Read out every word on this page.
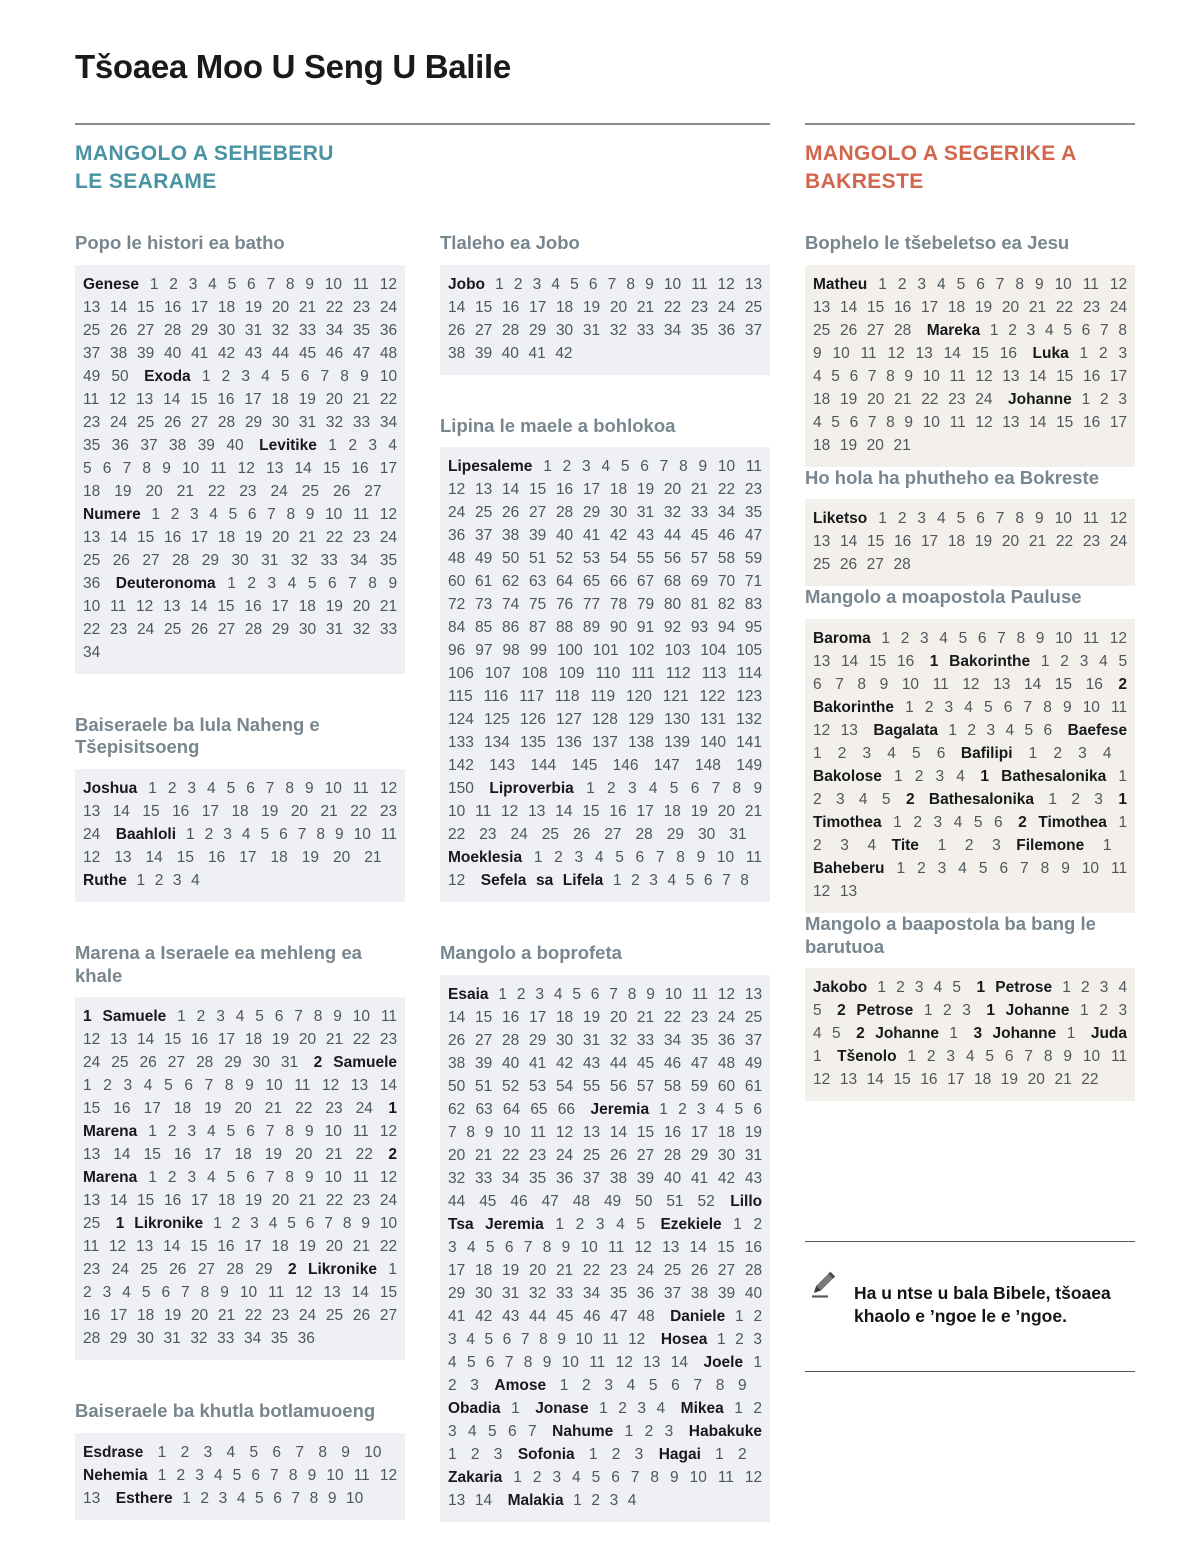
Tšoaea Moo U Seng U Balile
MANGOLO A SEHEBERU
LE SEARAME
MANGOLO A SEGERIKE A
BAKRESTE
Popo le histori ea batho

Genese 1 2 3 4 5 6 7 8 9 10 11 12 13 14 15 16 17 18 19 20 21 22 23 24 25 26 27 28 29 30 31 32 33 34 35 36 37 38 39 40 41 42 43 44 45 46 47 48 49 50   Exoda 1 2 3 4 5 6 7 8 9 10 11 12 13 14 15 16 17 18 19 20 21 22 23 24 25 26 27 28 29 30 31 32 33 34 35 36 37 38 39 40   Levitike 1 2 3 4 5 6 7 8 9 10 11 12 13 14 15 16 17 18 19 20 21 22 23 24 25 26 27  Numere 1 2 3 4 5 6 7 8 9 10 11 12 13 14 15 16 17 18 19 20 21 22 23 24 25 26 27 28 29 30 31 32 33 34 35 36   Deuteronoma 1 2 3 4 5 6 7 8 9 10 11 12 13 14 15 16 17 18 19 20 21 22 23 24 25 26 27 28 29 30 31 32 33 34

Baiseraele ba lula Naheng e Tšepisitsoeng

Joshua 1 2 3 4 5 6 7 8 9 10 11 12 13 14 15 16 17 18 19 20 21 22 23 24   Baahloli 1 2 3 4 5 6 7 8 9 10 11 12 13 14 15 16 17 18 19 20 21  Ruthe 1 2 3 4

Marena a Iseraele ea mehleng ea khale

1 Samuele 1 2 3 4 5 6 7 8 9 10 11 12 13 14 15 16 17 18 19 20 21 22 23 24 25 26 27 28 29 30 31   2 Samuele 1 2 3 4 5 6 7 8 9 10 11 12 13 14 15 16 17 18 19 20 21 22 23 24   1 Marena 1 2 3 4 5 6 7 8 9 10 11 12 13 14 15 16 17 18 19 20 21 22   2 Marena 1 2 3 4 5 6 7 8 9 10 11 12 13 14 15 16 17 18 19 20 21 22 23 24 25   1 Likronike 1 2 3 4 5 6 7 8 9 10 11 12 13 14 15 16 17 18 19 20 21 22 23 24 25 26 27 28 29   2 Likronike 1 2 3 4 5 6 7 8 9 10 11 12 13 14 15 16 17 18 19 20 21 22 23 24 25 26 27 28 29 30 31 32 33 34 35 36

Baiseraele ba khutla botlamuoeng

Esdrase 1 2 3 4 5 6 7 8 9 10  Nehemia 1 2 3 4 5 6 7 8 9 10 11 12 13   Esthere 1 2 3 4 5 6 7 8 9 10

Tlaleho ea Jobo

Jobo 1 2 3 4 5 6 7 8 9 10 11 12 13 14 15 16 17 18 19 20 21 22 23 24 25 26 27 28 29 30 31 32 33 34 35 36 37 38 39 40 41 42

Lipina le maele a bohlokoa

Lipesaleme 1 2 3 4 5 6 7 8 9 10 11 12 13 14 15 16 17 18 19 20 21 22 23 24 25 26 27 28 29 30 31 32 33 34 35 36 37 38 39 40 41 42 43 44 45 46 47 48 49 50 51 52 53 54 55 56 57 58 59 60 61 62 63 64 65 66 67 68 69 70 71 72 73 74 75 76 77 78 79 80 81 82 83 84 85 86 87 88 89 90 91 92 93 94 95 96 97 98 99 100 101 102 103 104 105 106 107 108 109 110 111 112 113 114 115 116 117 118 119 120 121 122 123 124 125 126 127 128 129 130 131 132 133 134 135 136 137 138 139 140 141 142 143 144 145 146 147 148 149 150   Liproverbia 1 2 3 4 5 6 7 8 9 10 11 12 13 14 15 16 17 18 19 20 21 22 23 24 25 26 27 28 29 30 31  Moeklesia 1 2 3 4 5 6 7 8 9 10 11 12   Sefela sa Lifela 1 2 3 4 5 6 7 8

Mangolo a boprofeta

Esaia 1 2 3 4 5 6 7 8 9 10 11 12 13 14 15 16 17 18 19 20 21 22 23 24 25 26 27 28 29 30 31 32 33 34 35 36 37 38 39 40 41 42 43 44 45 46 47 48 49 50 51 52 53 54 55 56 57 58 59 60 61 62 63 64 65 66   Jeremia 1 2 3 4 5 6 7 8 9 10 11 12 13 14 15 16 17 18 19 20 21 22 23 24 25 26 27 28 29 30 31 32 33 34 35 36 37 38 39 40 41 42 43 44 45 46 47 48 49 50 51 52   Lillo Tsa Jeremia 1 2 3 4 5   Ezekiele 1 2 3 4 5 6 7 8 9 10 11 12 13 14 15 16 17 18 19 20 21 22 23 24 25 26 27 28 29 30 31 32 33 34 35 36 37 38 39 40 41 42 43 44 45 46 47 48   Daniele 1 2 3 4 5 6 7 8 9 10 11 12   Hosea 1 2 3 4 5 6 7 8 9 10 11 12 13 14   Joele 1 2 3   Amose 1 2 3 4 5 6 7 8 9  Obadia 1   Jonase 1 2 3 4   Mikea 1 2 3 4 5 6 7   Nahume 1 2 3   Habakuke 1 2 3   Sofonia 1 2 3   Hagai 1 2  Zakaria 1 2 3 4 5 6 7 8 9 10 11 12 13 14   Malakia 1 2 3 4

Bophelo le tšebeletso ea Jesu

Matheu 1 2 3 4 5 6 7 8 9 10 11 12 13 14 15 16 17 18 19 20 21 22 23 24 25 26 27 28   Mareka 1 2 3 4 5 6 7 8 9 10 11 12 13 14 15 16   Luka 1 2 3 4 5 6 7 8 9 10 11 12 13 14 15 16 17 18 19 20 21 22 23 24   Johanne 1 2 3 4 5 6 7 8 9 10 11 12 13 14 15 16 17 18 19 20 21

Ho hola ha phutheho ea Bokreste

Liketso 1 2 3 4 5 6 7 8 9 10 11 12 13 14 15 16 17 18 19 20 21 22 23 24 25 26 27 28

Mangolo a moapostola Pauluse

Baroma 1 2 3 4 5 6 7 8 9 10 11 12 13 14 15 16   1 Bakorinthe 1 2 3 4 5 6 7 8 9 10 11 12 13 14 15 16   2 Bakorinthe 1 2 3 4 5 6 7 8 9 10 11 12 13   Bagalata 1 2 3 4 5 6   Baefese 1 2 3 4 5 6   Bafilipi 1 2 3 4  Bakolose 1 2 3 4   1 Bathesalonika 1 2 3 4 5   2 Bathesalonika 1 2 3   1 Timothea 1 2 3 4 5 6   2 Timothea 1 2 3 4   Tite 1 2 3   Filemone 1  Baheberu 1 2 3 4 5 6 7 8 9 10 11 12 13

Mangolo a baapostola ba bang le barutuoa

Jakobo 1 2 3 4 5   1 Petrose 1 2 3 4 5   2 Petrose 1 2 3   1 Johanne 1 2 3 4 5   2 Johanne 1   3 Johanne 1   Juda 1   Tšenolo 1 2 3 4 5 6 7 8 9 10 11 12 13 14 15 16 17 18 19 20 21 22

Ha u ntse u bala Bibele, tšoaea khaolo e ’ngoe le e ’ngoe.
